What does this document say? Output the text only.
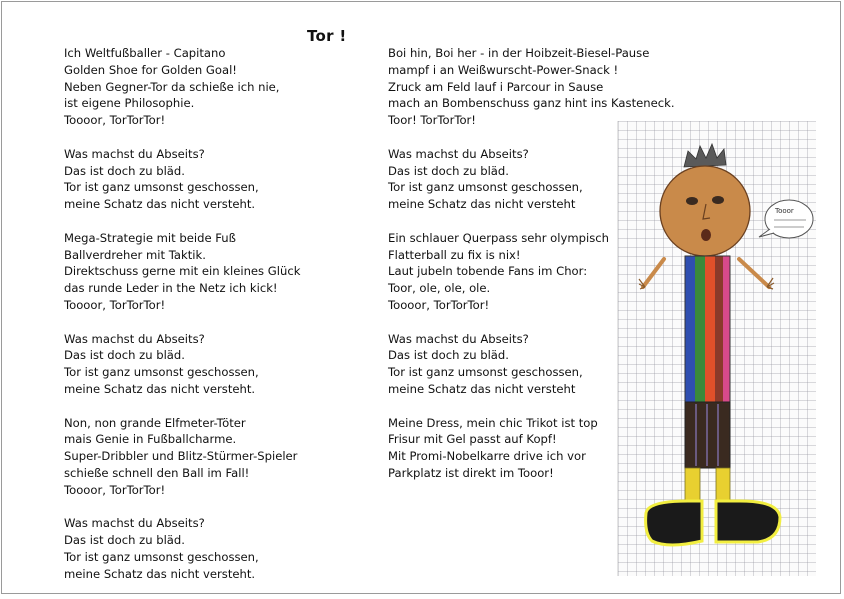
Tor !
Ich Weltfußballer - Capitano
Golden Shoe for Golden Goal!
Neben Gegner-Tor da schieße ich nie,
ist eigene Philosophie.
Toooor, TorTorTor!
Was machst du Abseits?
Das ist doch zu bläd.
Tor ist ganz umsonst geschossen,
meine Schatz das nicht versteht.
Mega-Strategie mit beide Fuß
Ballverdreher mit Taktik.
Direktschuss gerne mit ein kleines Glück
das runde Leder in the Netz ich kick!
Toooor, TorTorTor!
Was machst du Abseits?
Das ist doch zu bläd.
Tor ist ganz umsonst geschossen,
meine Schatz das nicht versteht.
Non, non grande Elfmeter-Töter
mais Genie in Fußballcharme.
Super-Dribbler und Blitz-Stürmer-Spieler
schieße schnell den Ball im Fall!
Toooor, TorTorTor!
Was machst du Abseits?
Das ist doch zu bläd.
Tor ist ganz umsonst geschossen,
meine Schatz das nicht versteht.
Boi hin, Boi her - in der Hoibzeit-Biesel-Pause
mampf i an Weißwurscht-Power-Snack !
Zruck am Feld lauf i Parcour in Sause
mach an Bombenschuss ganz hint ins Kasteneck.
Toor! TorTorTor!
Was machst du Abseits?
Das ist doch zu bläd.
Tor ist ganz umsonst geschossen,
meine Schatz das nicht versteht
Ein schlauer Querpass sehr olympisch
Flatterball zu fix is nix!
Laut jubeln tobende Fans im Chor:
Toor, ole, ole, ole.
Toooor, TorTorTor!
Was machst du Abseits?
Das ist doch zu bläd.
Tor ist ganz umsonst geschossen,
meine Schatz das nicht versteht
Meine Dress, mein chic Trikot ist top
Frisur mit Gel passt auf Kopf!
Mit Promi-Nobelkarre drive ich vor
Parkplatz ist direkt im Tooor!
Tooor
